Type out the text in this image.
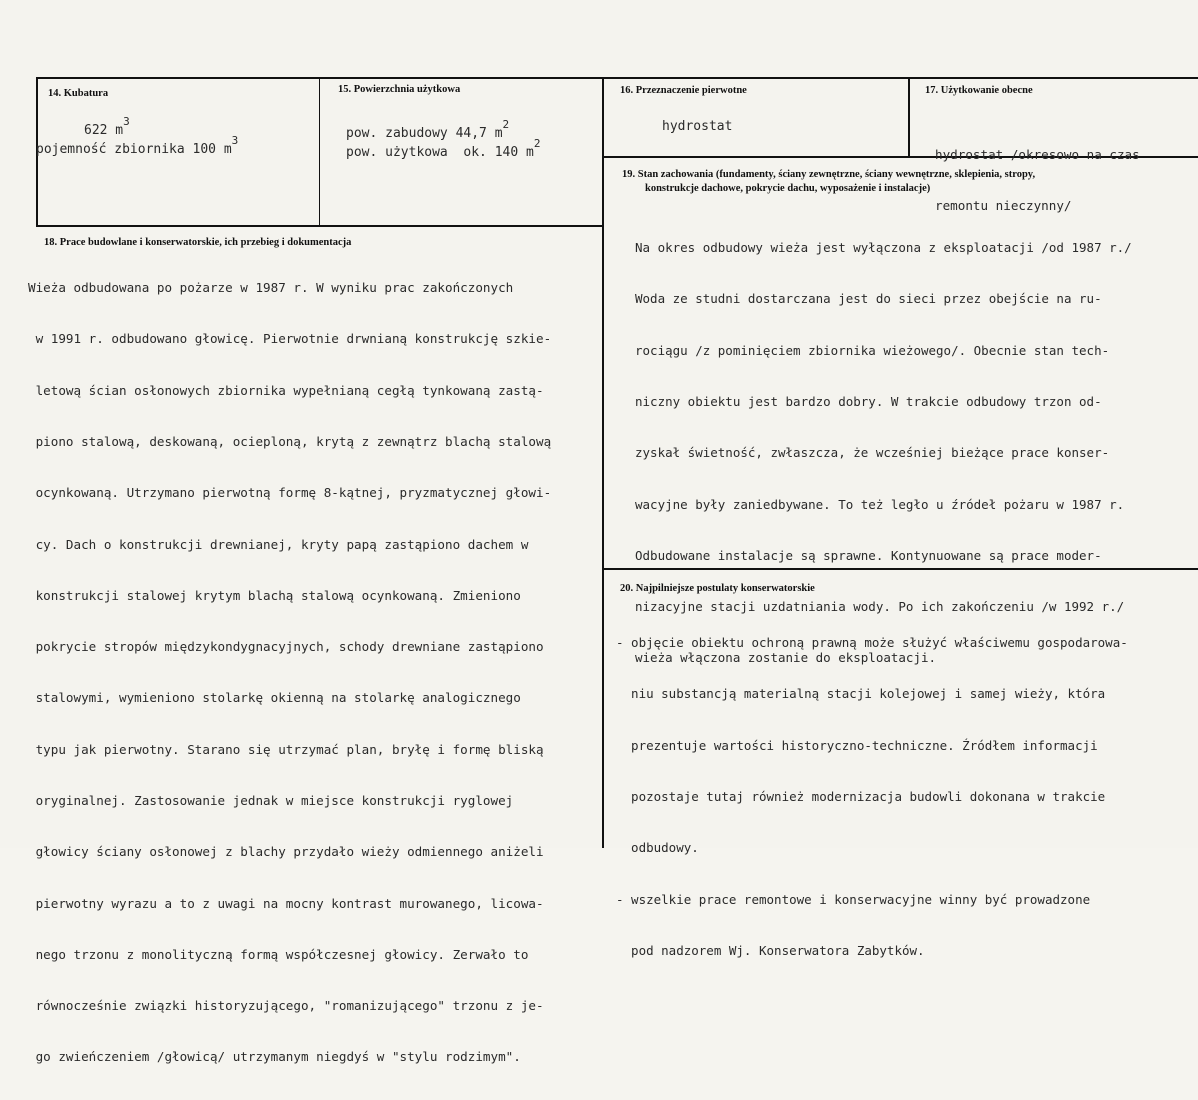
14. Kubatura
622 $m^3$
pojemność zbiornika 100 $m^3$
15. Powierzchnia użytkowa
pow. zabudowy 44,7 $m^2$
pow. użytkowa  ok. 140 $m^2$
16. Przeznaczenie pierwotne
hydrostat
17. Użytkowanie obecne

hydrostat /okresowo na czas

remontu nieczynny/

19. Stan zachowania (fundamenty, ściany zewnętrzne, ściany wewnętrzne, sklepienia, stropy,
konstrukcje dachowe, pokrycie dachu, wyposażenie i instalacje)

Na okres odbudowy wieża jest wyłączona z eksploatacji /od 1987 r./

Woda ze studni dostarczana jest do sieci przez obejście na ru-

rociągu /z pominięciem zbiornika wieżowego/. Obecnie stan tech-

niczny obiektu jest bardzo dobry. W trakcie odbudowy trzon od-

zyskał świetność, zwłaszcza, że wcześniej bieżące prace konser-

wacyjne były zaniedbywane. To też legło u źródeł pożaru w 1987 r.

Odbudowane instalacje są sprawne. Kontynuowane są prace moder-

nizacyjne stacji uzdatniania wody. Po ich zakończeniu /w 1992 r./

wieża włączona zostanie do eksploatacji.

18. Prace budowlane i konserwatorskie, ich przebieg i dokumentacja

Wieża odbudowana po pożarze w 1987 r. W wyniku prac zakończonych

w 1991 r. odbudowano głowicę. Pierwotnie drwnianą konstrukcję szkie-

letową ścian osłonowych zbiornika wypełnianą cegłą tynkowaną zastą-

piono stalową, deskowaną, ocieploną, krytą z zewnątrz blachą stalową

ocynkowaną. Utrzymano pierwotną formę 8-kątnej, pryzmatycznej głowi-

cy. Dach o konstrukcji drewnianej, kryty papą zastąpiono dachem w

konstrukcji stalowej krytym blachą stalową ocynkowaną. Zmieniono

pokrycie stropów międzykondygnacyjnych, schody drewniane zastąpiono

stalowymi, wymieniono stolarkę okienną na stolarkę analogicznego

typu jak pierwotny. Starano się utrzymać plan, bryłę i formę bliską

oryginalnej. Zastosowanie jednak w miejsce konstrukcji ryglowej

głowicy ściany osłonowej z blachy przydało wieży odmiennego aniżeli

pierwotny wyrazu a to z uwagi na mocny kontrast murowanego, licowa-

nego trzonu z monolityczną formą współczesnej głowicy. Zerwało to

równocześnie związki historyzującego, "romanizującego" trzonu z je-

go zwieńczeniem /głowicą/ utrzymanym niegdyś w "stylu rodzimym".

20. Najpilniejsze postulaty konserwatorskie

- objęcie obiektu ochroną prawną może służyć właściwemu gospodarowa-

niu substancją materialną stacji kolejowej i samej wieży, która

prezentuje wartości historyczno-techniczne. Źródłem informacji

pozostaje tutaj również modernizacja budowli dokonana w trakcie

odbudowy.

- wszelkie prace remontowe i konserwacyjne winny być prowadzone

pod nadzorem Wj. Konserwatora Zabytków.
